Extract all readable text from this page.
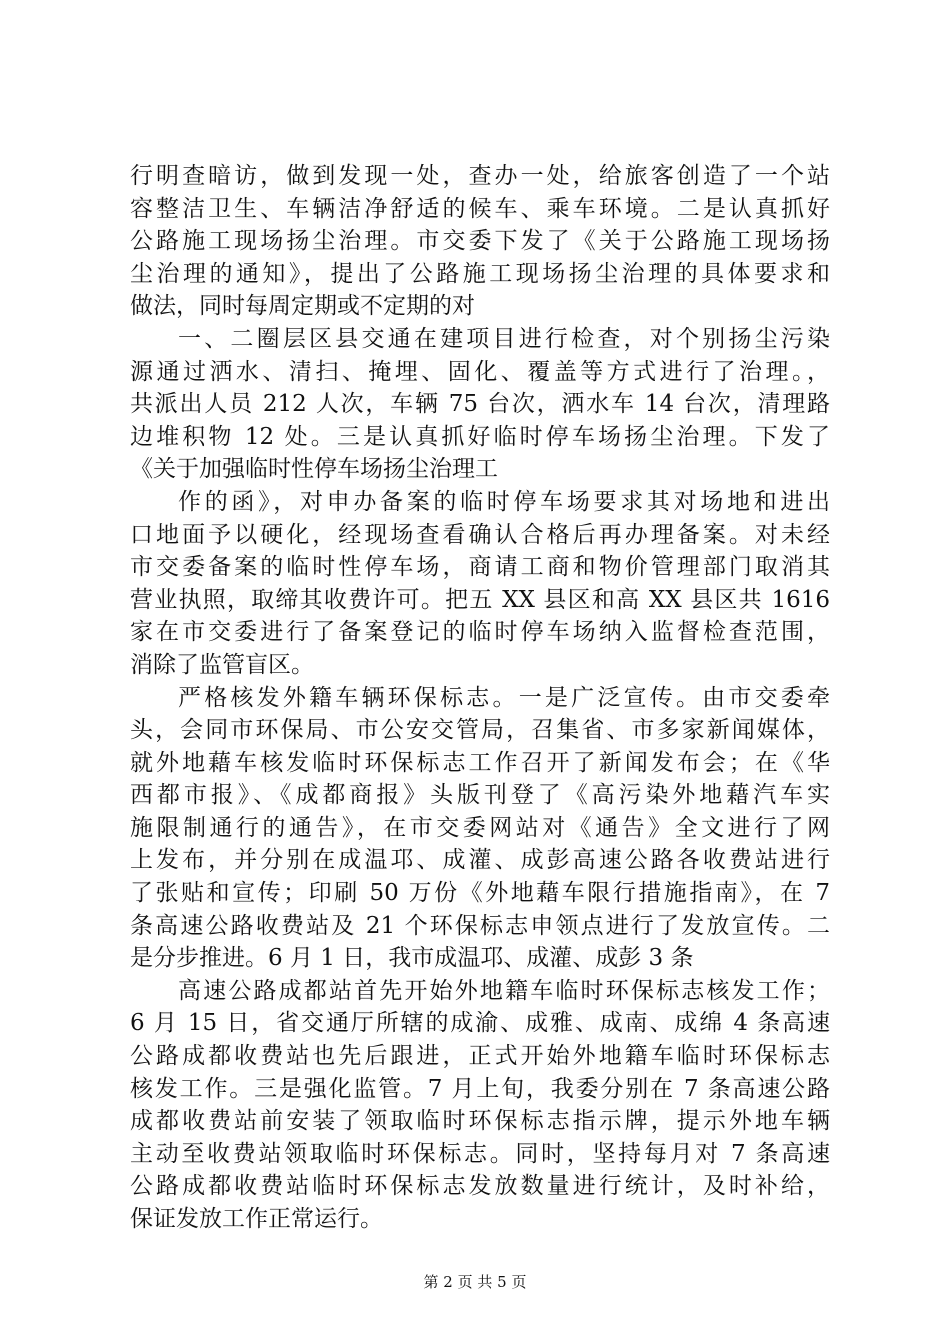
行明查暗访，做到发现一处，查办一处，给旅客创造了一个站
容整洁卫生、车辆洁净舒适的候车、乘车环境。二是认真抓好
公路施工现场扬尘治理。市交委下发了《关于公路施工现场扬
尘治理的通知》，提出了公路施工现场扬尘治理的具体要求和
做法，同时每周定期或不定期的对
一、二圈层区县交通在建项目进行检查，对个别扬尘污染
源通过洒水、清扫、掩埋、固化、覆盖等方式进行了治理。，
共派出人员 212 人次，车辆 75 台次，洒水车 14 台次，清理路
边堆积物 12 处。三是认真抓好临时停车场扬尘治理。下发了
《关于加强临时性停车场扬尘治理工
作的函》，对申办备案的临时停车场要求其对场地和进出
口地面予以硬化，经现场查看确认合格后再办理备案。对未经
市交委备案的临时性停车场，商请工商和物价管理部门取消其
营业执照，取缔其收费许可。把五 XX 县区和高 XX 县区共 1616
家在市交委进行了备案登记的临时停车场纳入监督检查范围，
消除了监管盲区。
严格核发外籍车辆环保标志。一是广泛宣传。由市交委牵
头，会同市环保局、市公安交管局，召集省、市多家新闻媒体，
就外地藉车核发临时环保标志工作召开了新闻发布会；在《华
西都市报》、《成都商报》头版刊登了《高污染外地藉汽车实
施限制通行的通告》，在市交委网站对《通告》全文进行了网
上发布，并分别在成温邛、成灌、成彭高速公路各收费站进行
了张贴和宣传；印刷 50 万份《外地藉车限行措施指南》，在 7
条高速公路收费站及 21 个环保标志申领点进行了发放宣传。二
是分步推进。6 月 1 日，我市成温邛、成灌、成彭 3 条
高速公路成都站首先开始外地籍车临时环保标志核发工作；
6 月 15 日，省交通厅所辖的成渝、成雅、成南、成绵 4 条高速
公路成都收费站也先后跟进，正式开始外地籍车临时环保标志
核发工作。三是强化监管。7 月上旬，我委分别在 7 条高速公路
成都收费站前安装了领取临时环保标志指示牌，提示外地车辆
主动至收费站领取临时环保标志。同时，坚持每月对 7 条高速
公路成都收费站临时环保标志发放数量进行统计，及时补给，
保证发放工作正常运行。
第 2 页 共 5 页
